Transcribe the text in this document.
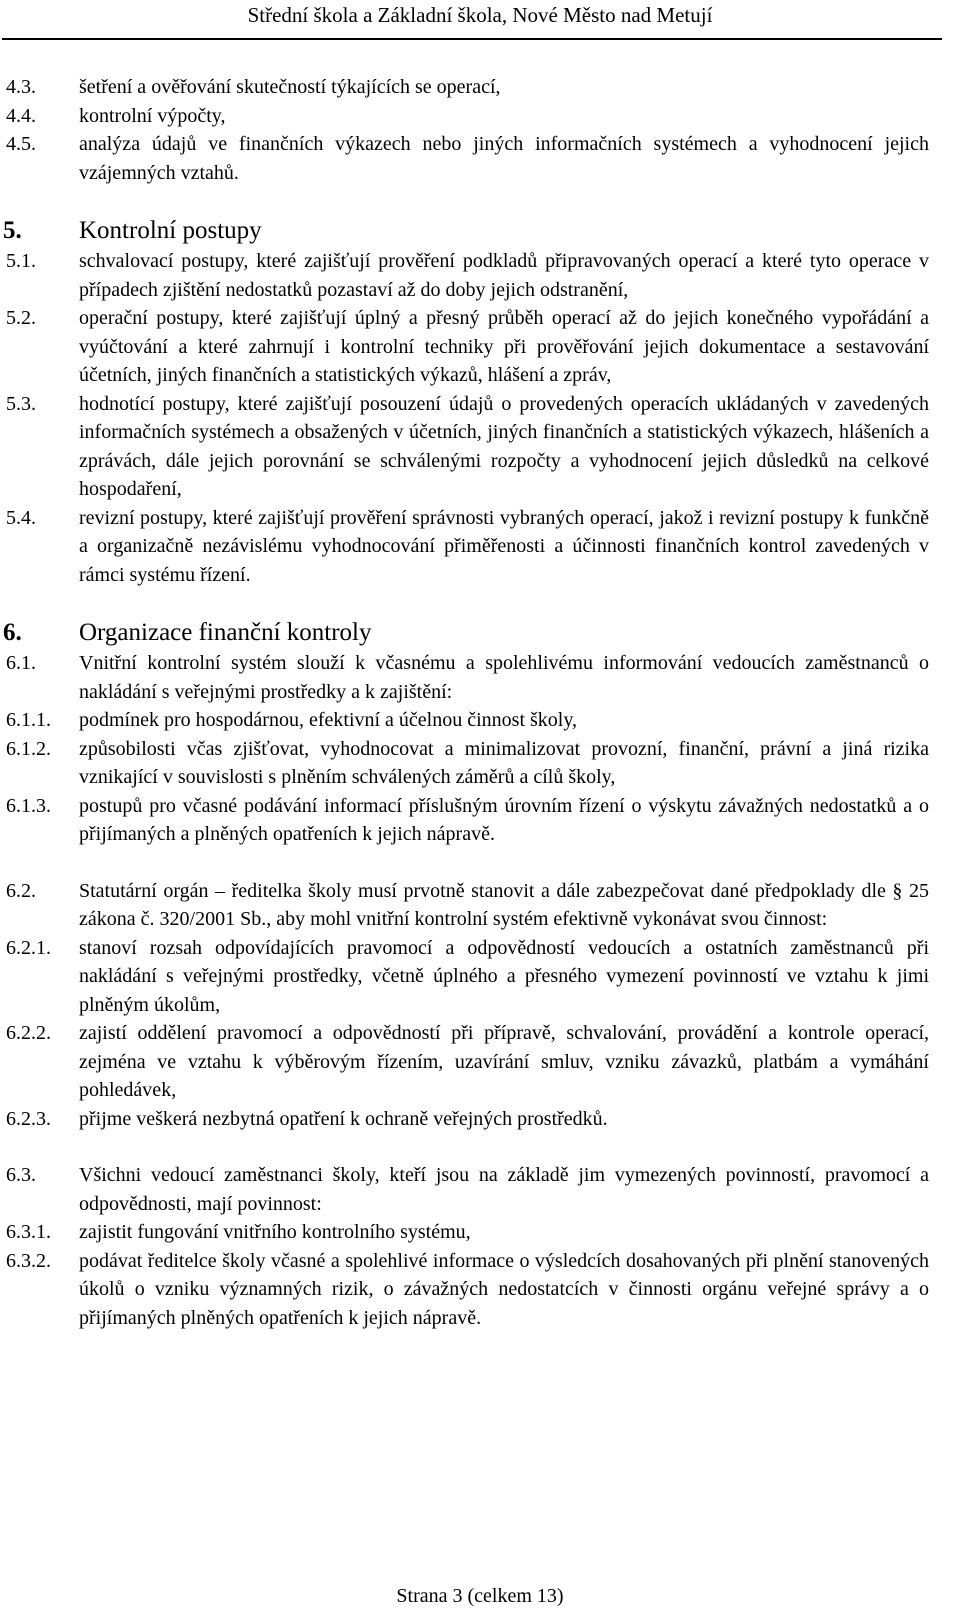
Střední škola a Základní škola, Nové Město nad Metují
4.3. šetření a ověřování skutečností týkajících se operací,
4.4. kontrolní výpočty,
4.5. analýza údajů ve finančních výkazech nebo jiných informačních systémech a vyhodnocení jejich vzájemných vztahů.
5. Kontrolní postupy
5.1. schvalovací postupy, které zajišťují prověření podkladů připravovaných operací a které tyto operace v případech zjištění nedostatků pozastaví až do doby jejich odstranění,
5.2. operační postupy, které zajišťují úplný a přesný průběh operací až do jejich konečného vypořádání a vyúčtování a které zahrnují i kontrolní techniky při prověřování jejich dokumentace a sestavování účetních, jiných finančních a statistických výkazů, hlášení a zpráv,
5.3. hodnotící postupy, které zajišťují posouzení údajů o provedených operacích ukládaných v zavedených informačních systémech a obsažených v účetních, jiných finančních a statistických výkazech, hlášeních a zprávách, dále jejich porovnání se schválenými rozpočty a vyhodnocení jejich důsledků na celkové hospodaření,
5.4. revizní postupy, které zajišťují prověření správnosti vybraných operací, jakož i revizní postupy k funkčně a organizačně nezávislému vyhodnocování přiměřenosti a účinnosti finančních kontrol zavedených v rámci systému řízení.
6. Organizace finanční kontroly
6.1. Vnitřní kontrolní systém slouží k včasnému a spolehlivému informování vedoucích zaměstnanců o nakládání s veřejnými prostředky a k zajištění:
6.1.1. podmínek pro hospodárnou, efektivní a účelnou činnost školy,
6.1.2. způsobilosti včas zjišťovat, vyhodnocovat a minimalizovat provozní, finanční, právní a jiná rizika vznikající v souvislosti s plněním schválených záměrů a cílů školy,
6.1.3. postupů pro včasné podávání informací příslušným úrovním řízení o výskytu závažných nedostatků a o přijímaných a plněných opatřeních k jejich nápravě.
6.2. Statutární orgán – ředitelka školy musí prvotně stanovit a dále zabezpečovat dané předpoklady dle § 25 zákona č. 320/2001 Sb., aby mohl vnitřní kontrolní systém efektivně vykonávat svou činnost:
6.2.1. stanoví rozsah odpovídajících pravomocí a odpovědností vedoucích a ostatních zaměstnanců při nakládání s veřejnými prostředky, včetně úplného a přesného vymezení povinností ve vztahu k jimi plněným úkolům,
6.2.2. zajistí oddělení pravomocí a odpovědností při přípravě, schvalování, provádění a kontrole operací, zejména ve vztahu k výběrovým řízením, uzavírání smluv, vzniku závazků, platbám a vymáhání pohledávek,
6.2.3. přijme veškerá nezbytná opatření k ochraně veřejných prostředků.
6.3. Všichni vedoucí zaměstnanci školy, kteří jsou na základě jim vymezených povinností, pravomocí a odpovědnosti, mají povinnost:
6.3.1. zajistit fungování vnitřního kontrolního systému,
6.3.2. podávat ředitelce školy včasné a spolehlivé informace o výsledcích dosahovaných při plnění stanovených úkolů o vzniku významných rizik, o závažných nedostatcích v činnosti orgánu veřejné správy a o přijímaných plněných opatřeních k jejich nápravě.
Strana 3 (celkem 13)
